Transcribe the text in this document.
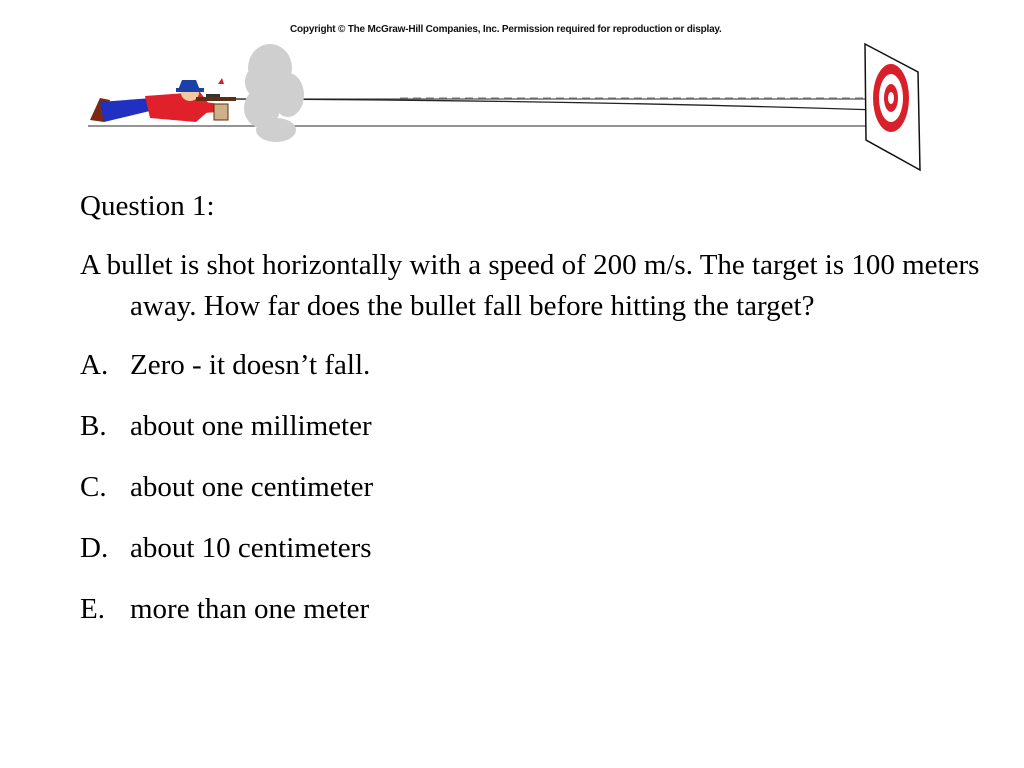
Copyright © The McGraw-Hill Companies, Inc. Permission required for reproduction or display.
Question 1:
A bullet is shot horizontally with a speed of 200 m/s. The target is 100 meters away. How far does the bullet fall before hitting the target?
A. Zero - it doesn’t fall.
B. about one millimeter
C. about one centimeter
D. about 10 centimeters
E. more than one meter
